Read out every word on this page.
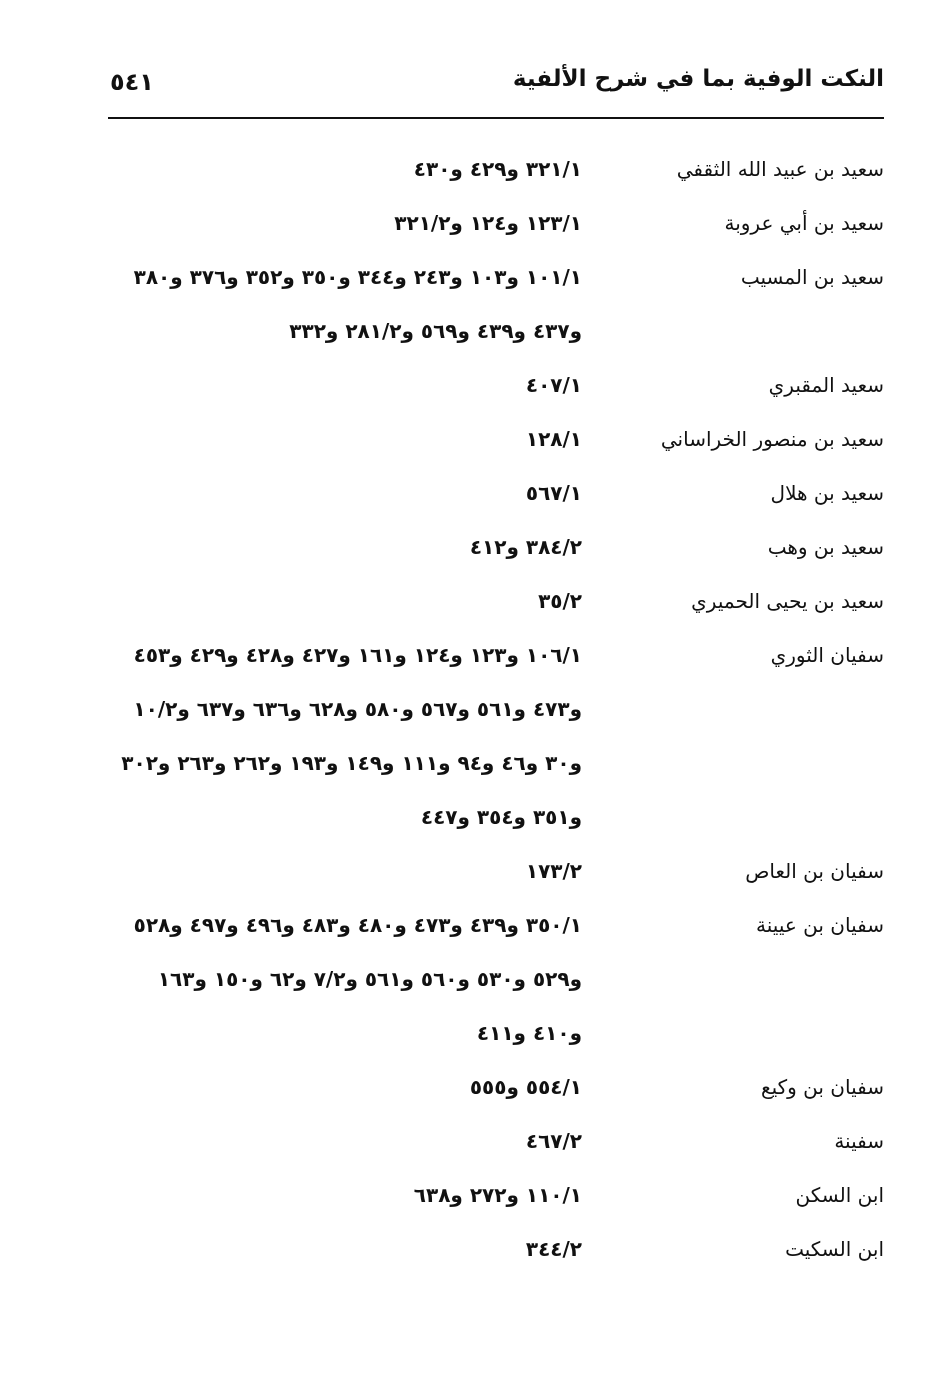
النكت الوفية بما في شرح الألفية
٥٤١
سعيد بن عبيد الله الثقفي
٣٢١/١ و٤٢٩ و٤٣٠
سعيد بن أبي عروبة
١٢٣/١ و١٢٤ و٣٢١/٢
سعيد بن المسيب
١٠١/١ و١٠٣ و٢٤٣ و٣٤٤ و٣٥٠ و٣٥٢ و٣٧٦ و٣٨٠
و٤٣٧ و٤٣٩ و٥٦٩ و٢٨١/٢ و٣٣٢
سعيد المقبري
٤٠٧/١
سعيد بن منصور الخراساني
١٢٨/١
سعيد بن هلال
٥٦٧/١
سعيد بن وهب
٣٨٤/٢ و٤١٢
سعيد بن يحيى الحميري
٣٥/٢
سفيان الثوري
١٠٦/١ و١٢٣ و١٢٤ و١٦١ و٤٢٧ و٤٢٨ و٤٢٩ و٤٥٣
و٤٧٣ و٥٦١ و٥٦٧ و٥٨٠ و٦٢٨ و٦٣٦ و٦٣٧ و١٠/٢
و٣٠ و٤٦ و٩٤ و١١١ و١٤٩ و١٩٣ و٢٦٢ و٢٦٣ و٣٠٢
و٣٥١ و٣٥٤ و٤٤٧
سفيان بن العاص
١٧٣/٢
سفيان بن عيينة
٣٥٠/١ و٤٣٩ و٤٧٣ و٤٨٠ و٤٨٣ و٤٩٦ و٤٩٧ و٥٢٨
و٥٢٩ و٥٣٠ و٥٦٠ و٥٦١ و٧/٢ و٦٢ و١٥٠ و١٦٣
و٤١٠ و٤١١
سفيان بن وكيع
٥٥٤/١ و٥٥٥
سفينة
٤٦٧/٢
ابن السكن
١١٠/١ و٢٧٢ و٦٣٨
ابن السكيت
٣٤٤/٢
